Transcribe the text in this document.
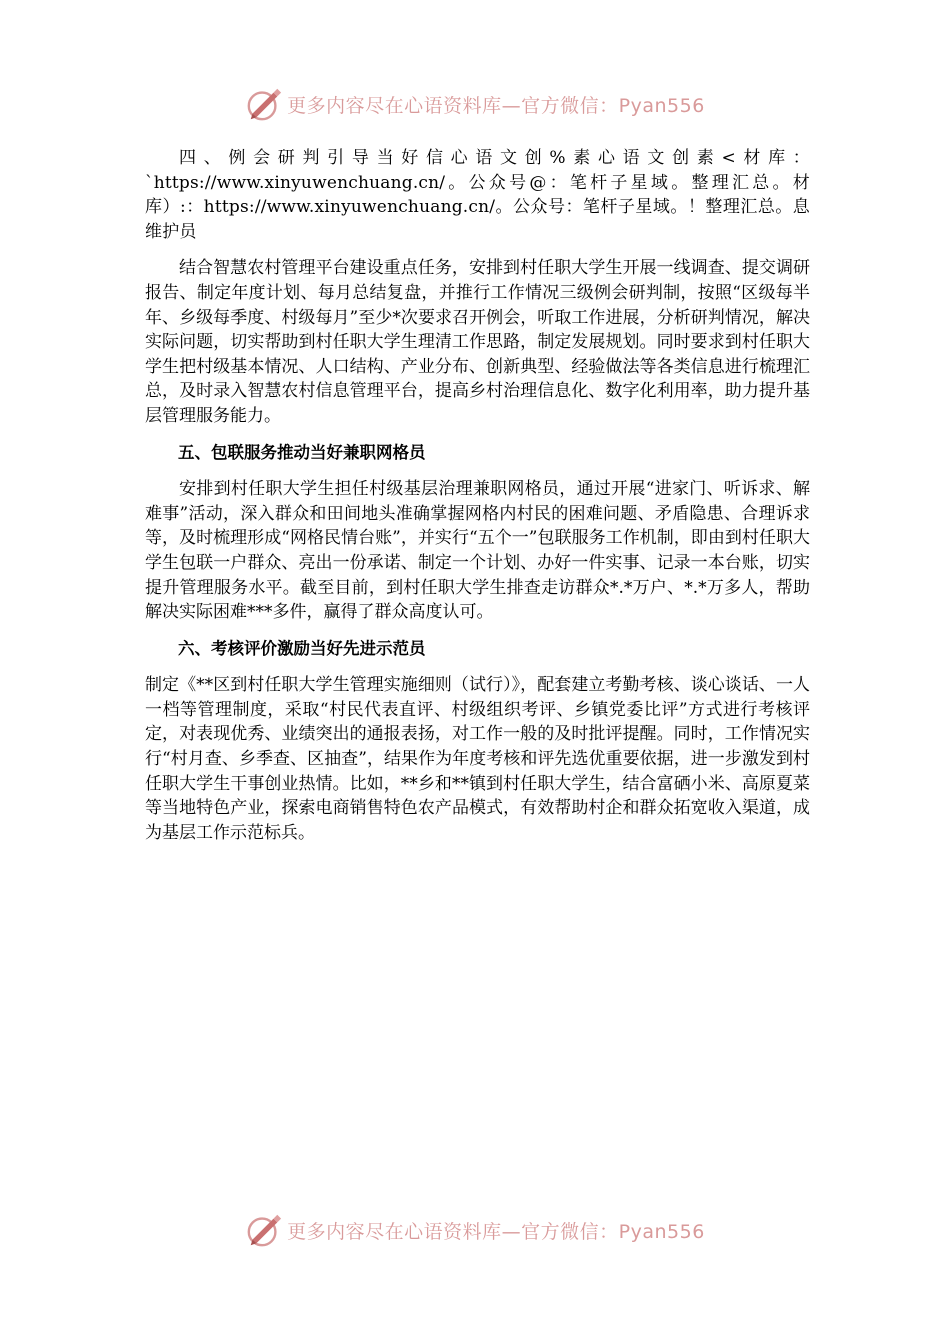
更多内容尽在心语资料库—官方微信：Pyan556

四、例会研判引导当好信心语文创%素心语文创素<材库：`https://www.xinyuwenchuang.cn/。公众号@：笔杆子星域。整理汇总。材库）:：https://www.xinyuwenchuang.cn/。公众号：笔杆子星域。！整理汇总。息维护员

结合智慧农村管理平台建设重点任务，安排到村任职大学生开展一线调查、提交调研报告、制定年度计划、每月总结复盘，并推行工作情况三级例会研判制，按照“区级每半年、乡级每季度、村级每月”至少*次要求召开例会，听取工作进展，分析研判情况，解决实际问题，切实帮助到村任职大学生理清工作思路，制定发展规划。同时要求到村任职大学生把村级基本情况、人口结构、产业分布、创新典型、经验做法等各类信息进行梳理汇总，及时录入智慧农村信息管理平台，提高乡村治理信息化、数字化利用率，助力提升基层管理服务能力。

五、包联服务推动当好兼职网格员

安排到村任职大学生担任村级基层治理兼职网格员，通过开展“进家门、听诉求、解难事”活动，深入群众和田间地头准确掌握网格内村民的困难问题、矛盾隐患、合理诉求等，及时梳理形成“网格民情台账”，并实行“五个一”包联服务工作机制，即由到村任职大学生包联一户群众、亮出一份承诺、制定一个计划、办好一件实事、记录一本台账，切实提升管理服务水平。截至目前，到村任职大学生排查走访群众*.*万户、*.*万多人，帮助解决实际困难***多件，赢得了群众高度认可。

六、考核评价激励当好先进示范员

制定《**区到村任职大学生管理实施细则（试行）》，配套建立考勤考核、谈心谈话、一人一档等管理制度，采取“村民代表直评、村级组织考评、乡镇党委比评”方式进行考核评定，对表现优秀、业绩突出的通报表扬，对工作一般的及时批评提醒。同时，工作情况实行“村月查、乡季查、区抽查”，结果作为年度考核和评先选优重要依据，进一步激发到村任职大学生干事创业热情。比如，**乡和**镇到村任职大学生，结合富硒小米、高原夏菜等当地特色产业，探索电商销售特色农产品模式，有效帮助村企和群众拓宽收入渠道，成为基层工作示范标兵。

更多内容尽在心语资料库—官方微信：Pyan556
